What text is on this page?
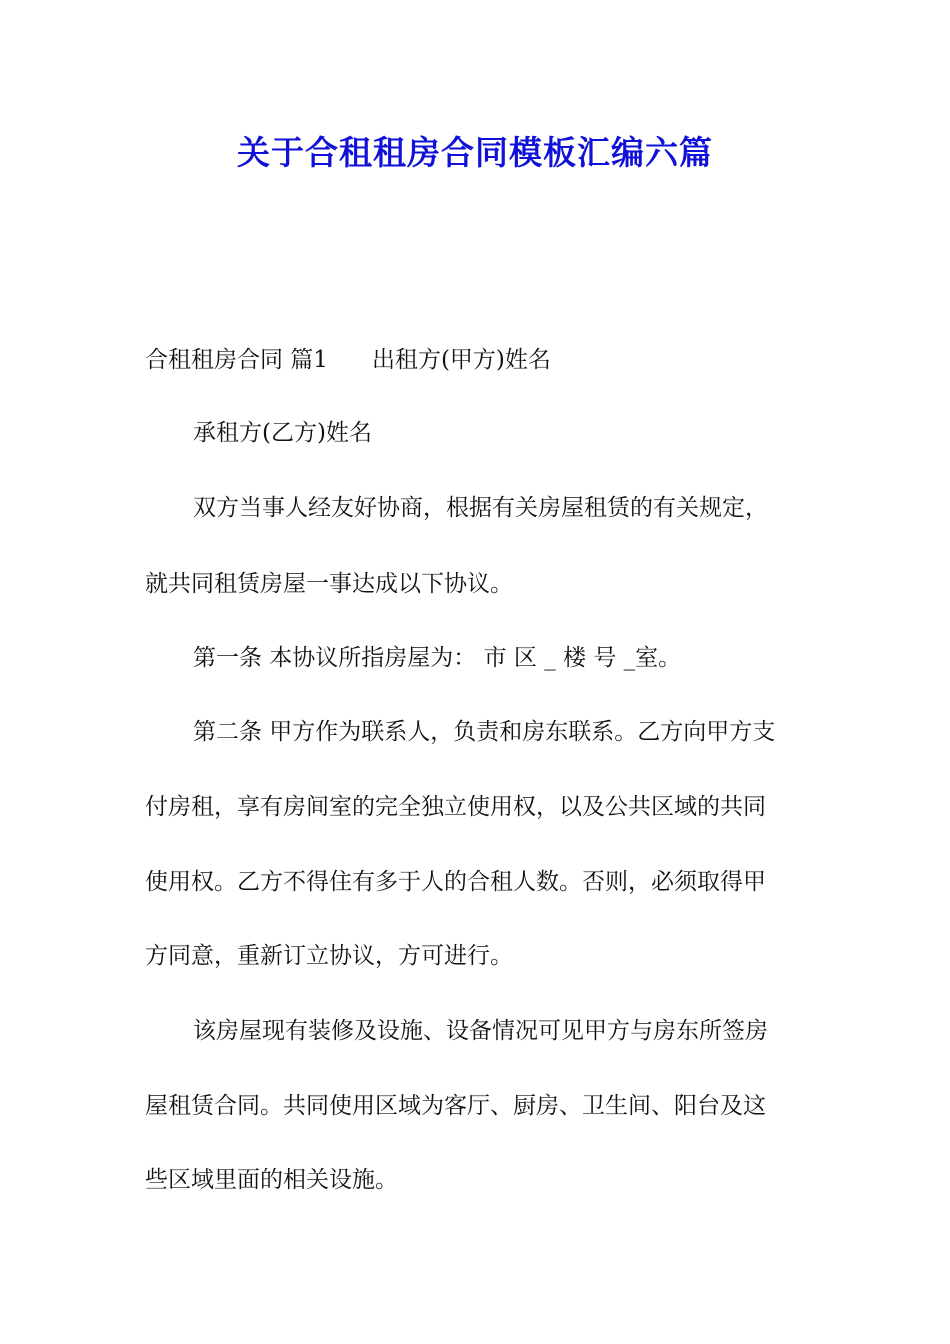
关于合租租房合同模板汇编六篇
合租租房合同 篇1 出租方(甲方)姓名
承租方(乙方)姓名
双方当事人经友好协商，根据有关房屋租赁的有关规定，
就共同租赁房屋一事达成以下协议。
第一条 本协议所指房屋为： 市 区 _ 楼 号 _室。
第二条 甲方作为联系人，负责和房东联系。乙方向甲方支
付房租，享有房间室的完全独立使用权，以及公共区域的共同
使用权。乙方不得住有多于人的合租人数。否则，必须取得甲
方同意，重新订立协议，方可进行。
该房屋现有装修及设施、设备情况可见甲方与房东所签房
屋租赁合同。共同使用区域为客厅、厨房、卫生间、阳台及这
些区域里面的相关设施。
